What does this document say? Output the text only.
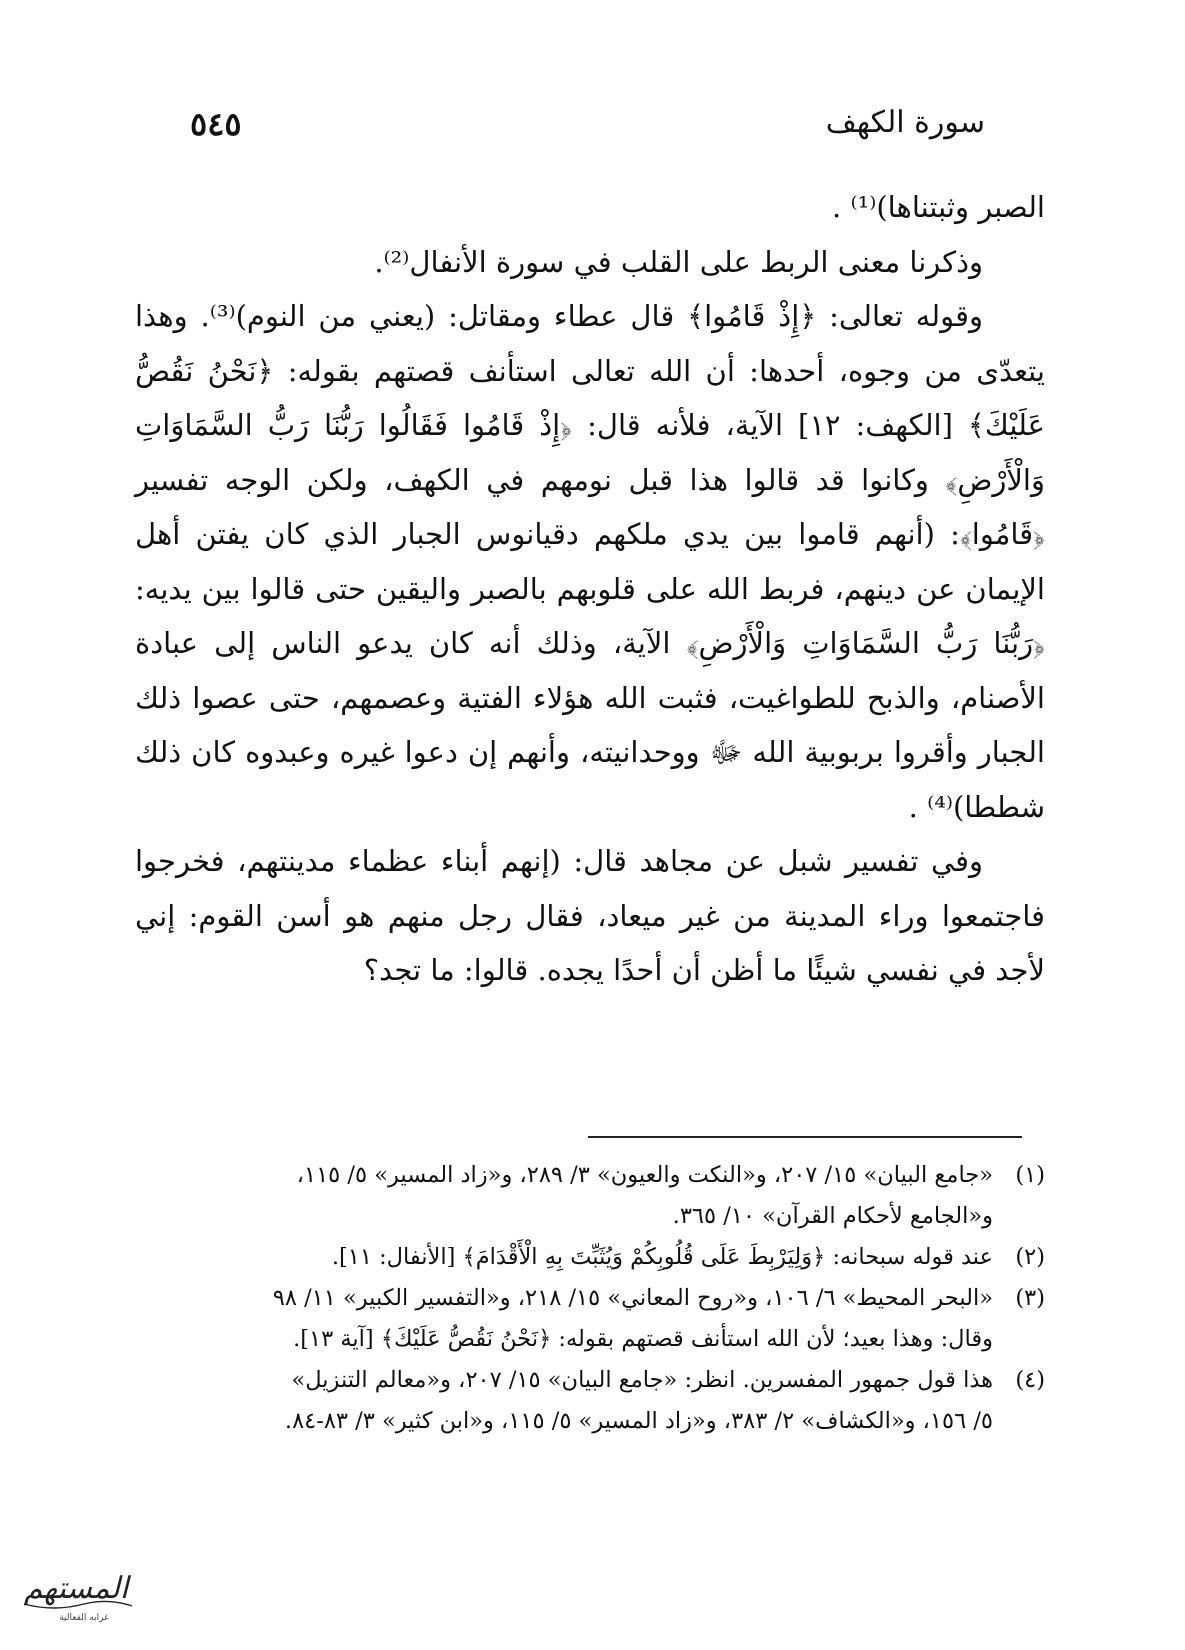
٥٤٥	سورة الكهف

الصبر وثبتناها)⁽¹⁾ .

وذكرنا معنى الربط على القلب في سورة الأنفال⁽²⁾.

وقوله تعالى: ﴿إِذْ قَامُوا﴾ قال عطاء ومقاتل: (يعني من النوم)⁽³⁾. وهذا يتعدّى من وجوه، أحدها: أن الله تعالى استأنف قصتهم بقوله: ﴿نَحْنُ نَقُصُّ عَلَيْكَ﴾ [الكهف: ١٢] الآية، فلأنه قال: ﴿إِذْ قَامُوا فَقَالُوا رَبُّنَا رَبُّ السَّمَاوَاتِ وَالْأَرْضِ﴾ وكانوا قد قالوا هذا قبل نومهم في الكهف، ولكن الوجه تفسير ﴿قَامُوا﴾: (أنهم قاموا بين يدي ملكهم دقيانوس الجبار الذي كان يفتن أهل الإيمان عن دينهم، فربط الله على قلوبهم بالصبر واليقين حتى قالوا بين يديه: ﴿رَبُّنَا رَبُّ السَّمَاوَاتِ وَالْأَرْضِ﴾ الآية، وذلك أنه كان يدعو الناس إلى عبادة الأصنام، والذبح للطواغيت، فثبت الله هؤلاء الفتية وعصمهم، حتى عصوا ذلك الجبار وأقروا بربوبية الله ﷻ ووحدانيته، وأنهم إن دعوا غيره وعبدوه كان ذلك شططا)⁽⁴⁾ .

وفي تفسير شبل عن مجاهد قال: (إنهم أبناء عظماء مدينتهم، فخرجوا فاجتمعوا وراء المدينة من غير ميعاد، فقال رجل منهم هو أسن القوم: إني لأجد في نفسي شيئًا ما أظن أن أحدًا يجده. قالوا: ما تجد؟

(١)
«جامع البيان» ١٥/ ٢٠٧، و«النكت والعيون» ٣/ ٢٨٩، و«زاد المسير» ٥/ ١١٥،
و«الجامع لأحكام القرآن» ١٠/ ٣٦٥.
(٢)
عند قوله سبحانه: ﴿وَلِيَرْبِطَ عَلَى قُلُوبِكُمْ وَيُثَبِّتَ بِهِ الْأَقْدَامَ﴾ [الأنفال: ١١].
(٣)
«البحر المحيط» ٦/ ١٠٦، و«روح المعاني» ١٥/ ٢١٨، و«التفسير الكبير» ١١/ ٩٨
وقال: وهذا بعيد؛ لأن الله استأنف قصتهم بقوله: ﴿نَحْنُ نَقُصُّ عَلَيْكَ﴾ [آية ١٣].
(٤)
هذا قول جمهور المفسرين. انظر: «جامع البيان» ١٥/ ٢٠٧، و«معالم التنزيل»
٥/ ١٥٦، و«الكشاف» ٢/ ٣٨٣، و«زاد المسير» ٥/ ١١٥، و«ابن كثير» ٣/ ٨٣-٨٤.
المستهم
غرابه الفعالية
